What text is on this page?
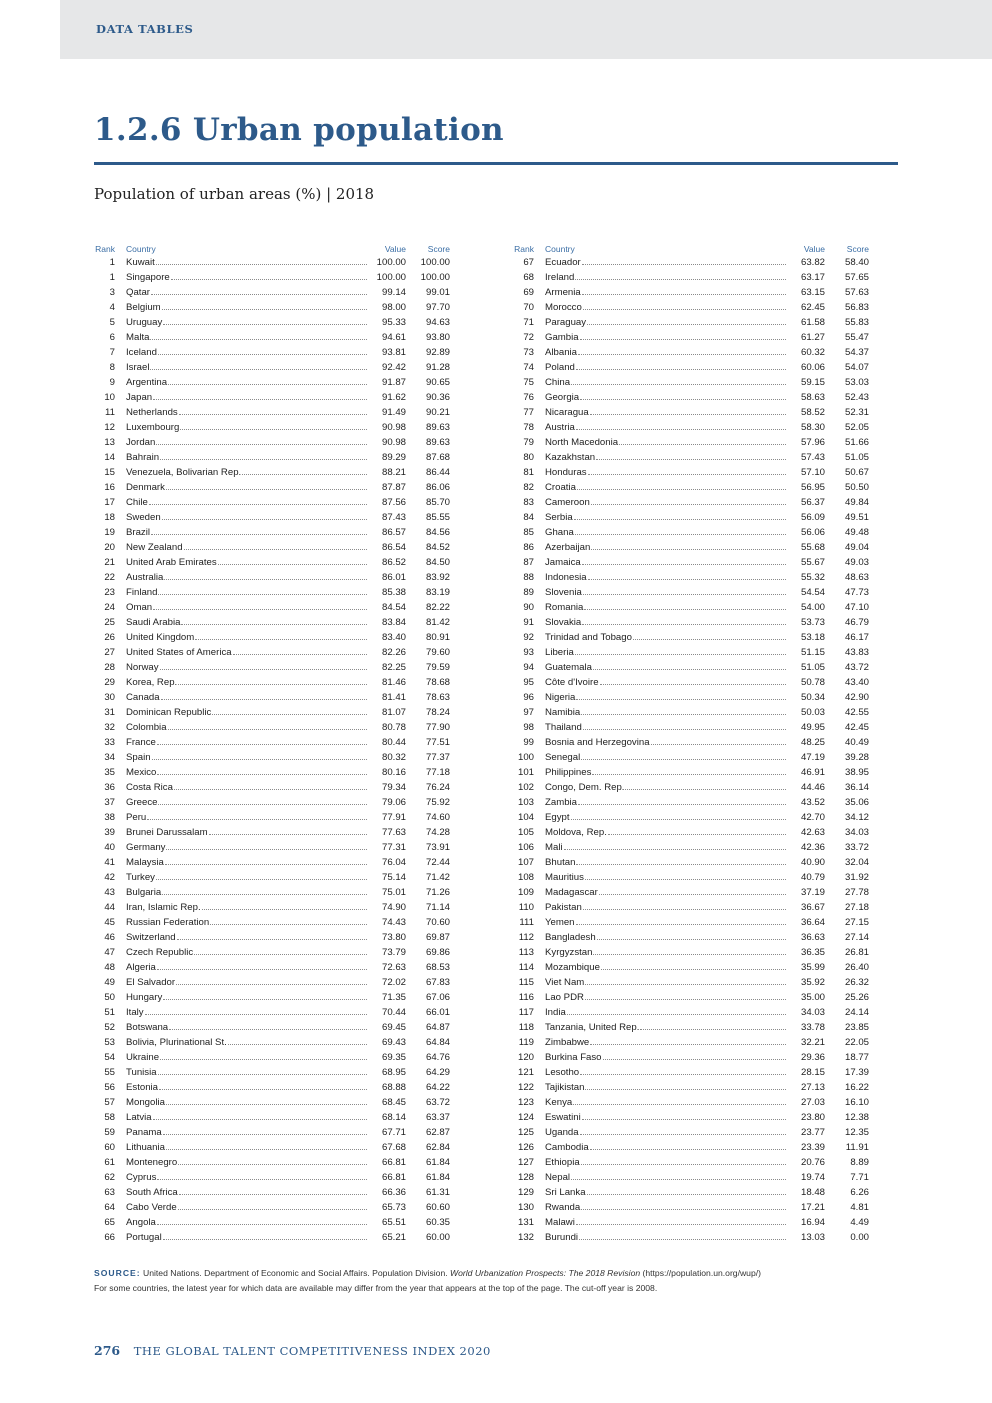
DATA TABLES
1.2.6 Urban population
Population of urban areas (%) | 2018
Rank Country	Value	Score
1 Kuwait	100.00	100.00
1 Singapore	100.00	100.00
3 Qatar	99.14	99.01
4 Belgium	98.00	97.70
5 Uruguay	95.33	94.63
6 Malta	94.61	93.80
7 Iceland	93.81	92.89
8 Israel	92.42	91.28
9 Argentina	91.87	90.65
10 Japan	91.62	90.36
11 Netherlands	91.49	90.21
12 Luxembourg	90.98	89.63
13 Jordan	90.98	89.63
14 Bahrain	89.29	87.68
15 Venezuela, Bolivarian Rep.	88.21	86.44
16 Denmark	87.87	86.06
17 Chile	87.56	85.70
18 Sweden	87.43	85.55
19 Brazil	86.57	84.56
20 New Zealand	86.54	84.52
21 United Arab Emirates	86.52	84.50
22 Australia	86.01	83.92
23 Finland	85.38	83.19
24 Oman	84.54	82.22
25 Saudi Arabia	83.84	81.42
26 United Kingdom	83.40	80.91
27 United States of America	82.26	79.60
28 Norway	82.25	79.59
29 Korea, Rep.	81.46	78.68
30 Canada	81.41	78.63
31 Dominican Republic	81.07	78.24
32 Colombia	80.78	77.90
33 France	80.44	77.51
34 Spain	80.32	77.37
35 Mexico	80.16	77.18
36 Costa Rica	79.34	76.24
37 Greece	79.06	75.92
38 Peru	77.91	74.60
39 Brunei Darussalam	77.63	74.28
40 Germany	77.31	73.91
41 Malaysia	76.04	72.44
42 Turkey	75.14	71.42
43 Bulgaria	75.01	71.26
44 Iran, Islamic Rep.	74.90	71.14
45 Russian Federation	74.43	70.60
46 Switzerland	73.80	69.87
47 Czech Republic	73.79	69.86
48 Algeria	72.63	68.53
49 El Salvador	72.02	67.83
50 Hungary	71.35	67.06
51 Italy	70.44	66.01
52 Botswana	69.45	64.87
53 Bolivia, Plurinational St.	69.43	64.84
54 Ukraine	69.35	64.76
55 Tunisia	68.95	64.29
56 Estonia	68.88	64.22
57 Mongolia	68.45	63.72
58 Latvia	68.14	63.37
59 Panama	67.71	62.87
60 Lithuania	67.68	62.84
61 Montenegro	66.81	61.84
62 Cyprus	66.81	61.84
63 South Africa	66.36	61.31
64 Cabo Verde	65.73	60.60
65 Angola	65.51	60.35
66 Portugal	65.21	60.00
Rank Country	Value	Score
67 Ecuador	63.82	58.40
68 Ireland	63.17	57.65
69 Armenia	63.15	57.63
70 Morocco	62.45	56.83
71 Paraguay	61.58	55.83
72 Gambia	61.27	55.47
73 Albania	60.32	54.37
74 Poland	60.06	54.07
75 China	59.15	53.03
76 Georgia	58.63	52.43
77 Nicaragua	58.52	52.31
78 Austria	58.30	52.05
79 North Macedonia	57.96	51.66
80 Kazakhstan	57.43	51.05
81 Honduras	57.10	50.67
82 Croatia	56.95	50.50
83 Cameroon	56.37	49.84
84 Serbia	56.09	49.51
85 Ghana	56.06	49.48
86 Azerbaijan	55.68	49.04
87 Jamaica	55.67	49.03
88 Indonesia	55.32	48.63
89 Slovenia	54.54	47.73
90 Romania	54.00	47.10
91 Slovakia	53.73	46.79
92 Trinidad and Tobago	53.18	46.17
93 Liberia	51.15	43.83
94 Guatemala	51.05	43.72
95 Côte d'Ivoire	50.78	43.40
96 Nigeria	50.34	42.90
97 Namibia	50.03	42.55
98 Thailand	49.95	42.45
99 Bosnia and Herzegovina	48.25	40.49
100 Senegal	47.19	39.28
101 Philippines	46.91	38.95
102 Congo, Dem. Rep.	44.46	36.14
103 Zambia	43.52	35.06
104 Egypt	42.70	34.12
105 Moldova, Rep.	42.63	34.03
106 Mali	42.36	33.72
107 Bhutan	40.90	32.04
108 Mauritius	40.79	31.92
109 Madagascar	37.19	27.78
110 Pakistan	36.67	27.18
111 Yemen	36.64	27.15
112 Bangladesh	36.63	27.14
113 Kyrgyzstan	36.35	26.81
114 Mozambique	35.99	26.40
115 Viet Nam	35.92	26.32
116 Lao PDR	35.00	25.26
117 India	34.03	24.14
118 Tanzania, United Rep.	33.78	23.85
119 Zimbabwe	32.21	22.05
120 Burkina Faso	29.36	18.77
121 Lesotho	28.15	17.39
122 Tajikistan	27.13	16.22
123 Kenya	27.03	16.10
124 Eswatini	23.80	12.38
125 Uganda	23.77	12.35
126 Cambodia	23.39	11.91
127 Ethiopia	20.76	8.89
128 Nepal	19.74	7.71
129 Sri Lanka	18.48	6.26
130 Rwanda	17.21	4.81
131 Malawi	16.94	4.49
132 Burundi	13.03	0.00
SOURCE: United Nations. Department of Economic and Social Affairs. Population Division. World Urbanization Prospects: The 2018 Revision (https://population.un.org/wup/)
For some countries, the latest year for which data are available may differ from the year that appears at the top of the page. The cut-off year is 2008.
276 THE GLOBAL TALENT COMPETITIVENESS INDEX 2020
